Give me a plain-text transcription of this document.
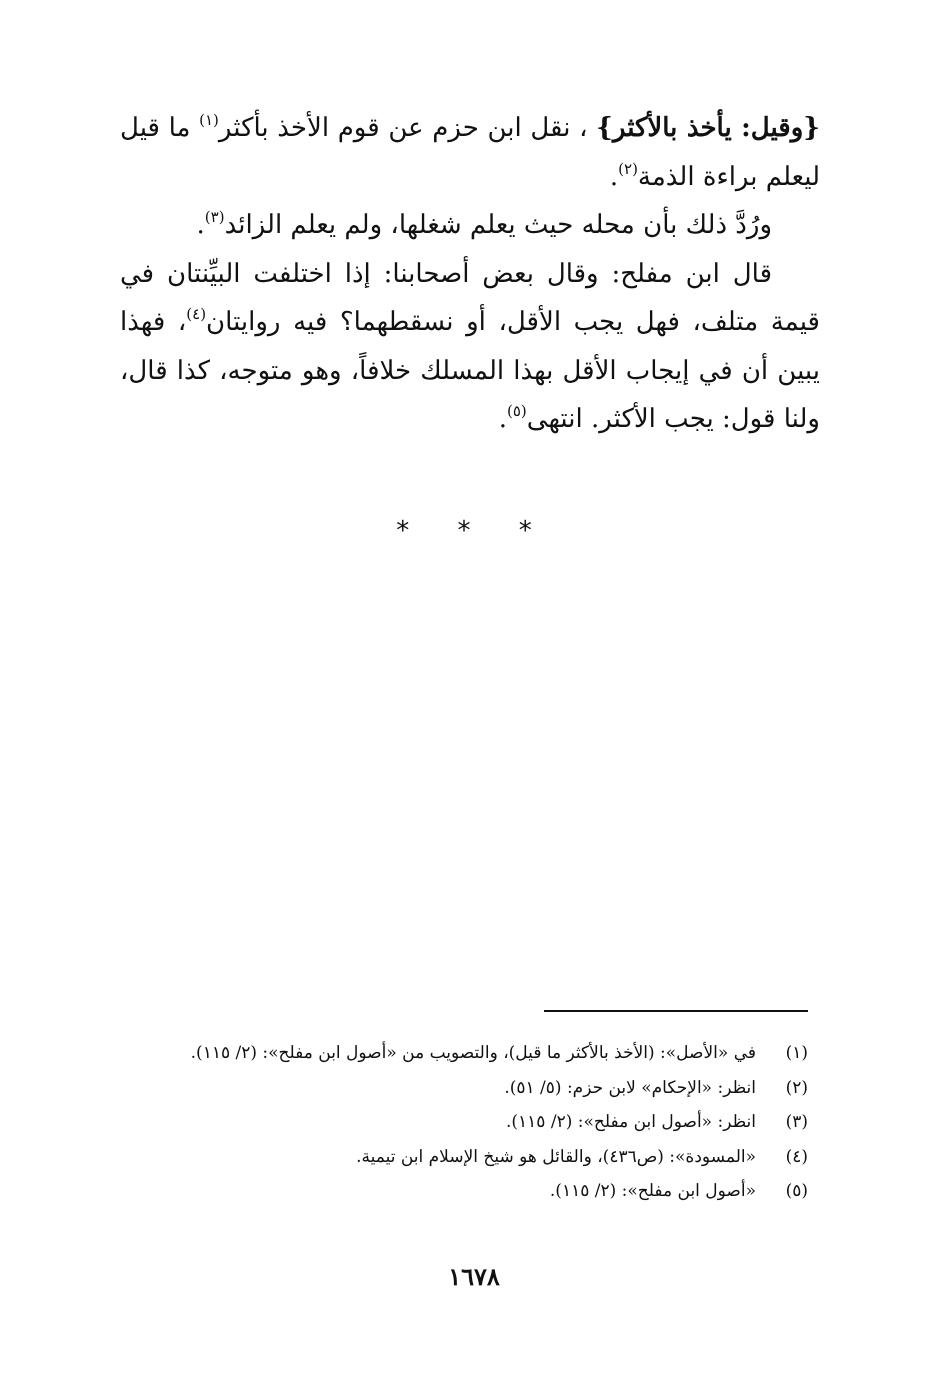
{وقيل: يأخذ بالأكثر} ، نقل ابن حزم عن قوم الأخذ بأكثر$^{(١)}$ ما قيل ليعلم براءة الذمة$^{(٢)}$.

ورُدَّ ذلك بأن محله حيث يعلم شغلها، ولم يعلم الزائد$^{(٣)}$.

قال ابن مفلح: وقال بعض أصحابنا: إذا اختلفت البيِّنتان في قيمة متلف، فهل يجب الأقل، أو نسقطهما؟ فيه روايتان$^{(٤)}$، فهذا يبين أن في إيجاب الأقل بهذا المسلك خلافاً، وهو متوجه، كذا قال، ولنا قول: يجب الأكثر. انتهى$^{(٥)}$.

* * *
(١)
في «الأصل»: (الأخذ بالأكثر ما قيل)، والتصويب من «أصول ابن مفلح»: (٢/ ١١٥).
(٢)
انظر: «الإحكام» لابن حزم: (٥/ ٥١).
(٣)
انظر: «أصول ابن مفلح»: (٢/ ١١٥).
(٤)
«المسودة»: (ص٤٣٦)، والقائل هو شيخ الإسلام ابن تيمية.
(٥)
«أصول ابن مفلح»: (٢/ ١١٥).
١٦٧٨
